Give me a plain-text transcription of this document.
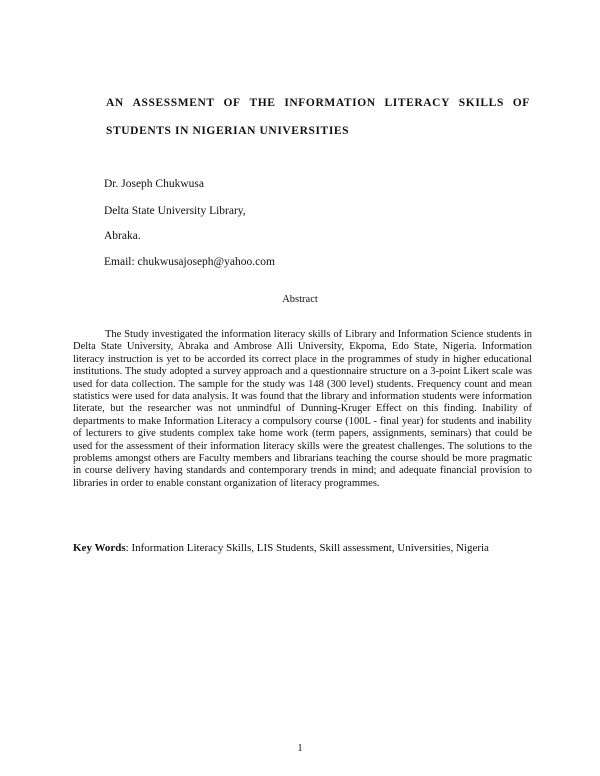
AN ASSESSMENT OF THE INFORMATION LITERACY SKILLS OF

STUDENTS IN NIGERIAN UNIVERSITIES

Dr. Joseph Chukwusa

Delta State University Library,

Abraka.

Email: chukwusajoseph@yahoo.com

Abstract

The Study investigated the information literacy skills of Library and Information Science students in Delta State University, Abraka and Ambrose Alli University, Ekpoma, Edo State, Nigeria. Information literacy instruction is yet to be accorded its correct place in the programmes of study in higher educational institutions. The study adopted a survey approach and a questionnaire structure on a 3-point Likert scale was used for data collection. The sample for the study was 148 (300 level) students. Frequency count and mean statistics were used for data analysis. It was found that the library and information students were information literate, but the researcher was not unmindful of Dunning-Kruger Effect on this finding. Inability of departments to make Information Literacy a compulsory course (100L - final year) for students and inability of lecturers to give students complex take home work (term papers, assignments, seminars) that could be used for the assessment of their information literacy skills were the greatest challenges. The solutions to the problems amongst others are Faculty members and librarians teaching the course should be more pragmatic in course delivery having standards and contemporary trends in mind; and adequate financial provision to libraries in order to enable constant organization of literacy programmes.

Key Words: Information Literacy Skills, LIS Students, Skill assessment, Universities, Nigeria

1
